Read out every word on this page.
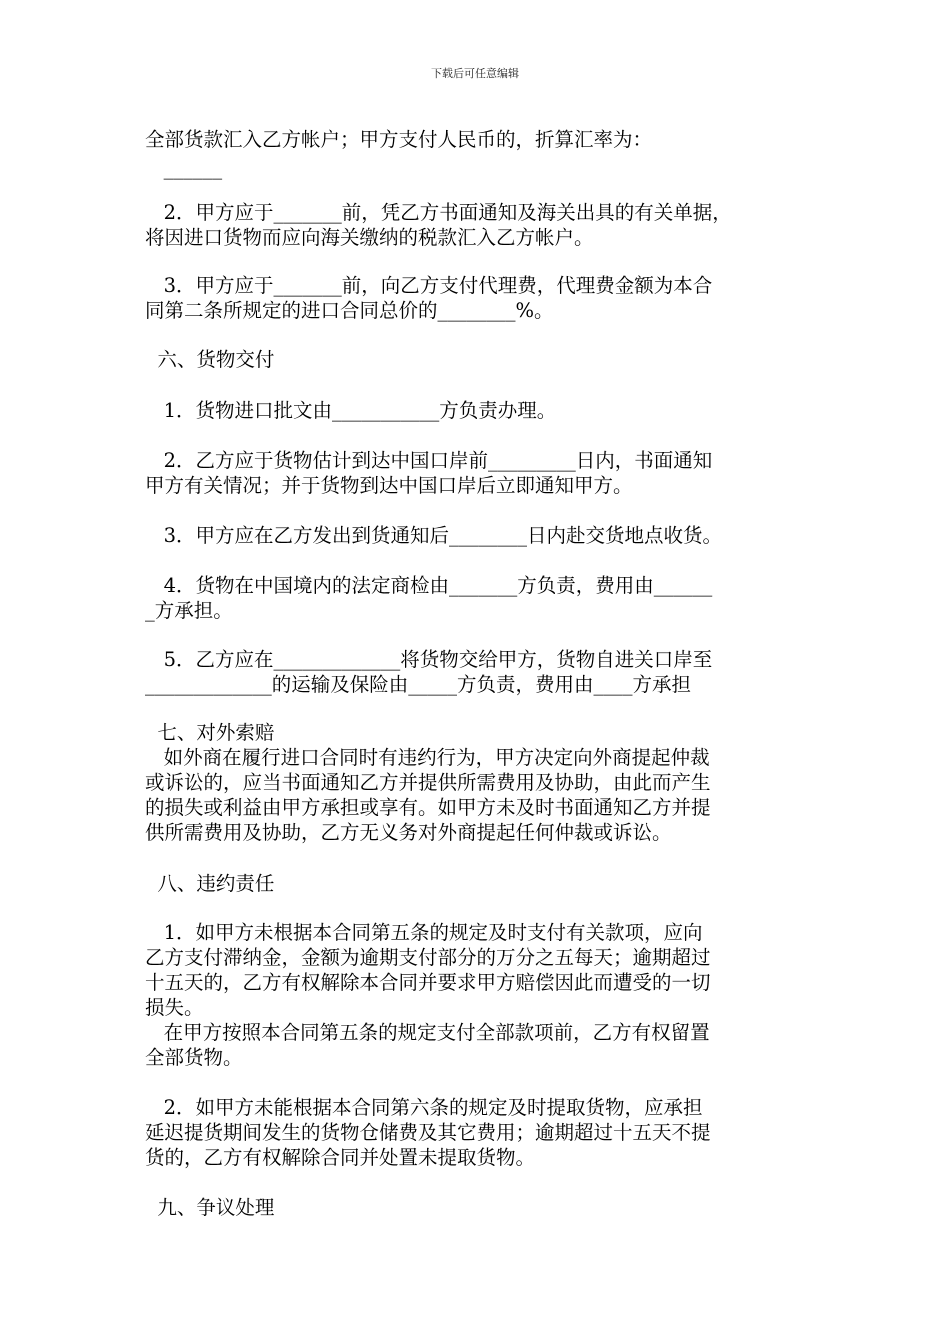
下载后可任意编辑
全部货款汇入乙方帐户；甲方支付人民币的，折算汇率为：
______
2．甲方应于_______前，凭乙方书面通知及海关出具的有关单据，
将因进口货物而应向海关缴纳的税款汇入乙方帐户。
3．甲方应于_______前，向乙方支付代理费，代理费金额为本合
同第二条所规定的进口合同总价的________%。
六、货物交付
1．货物进口批文由___________方负责办理。
2．乙方应于货物估计到达中国口岸前_________日内，书面通知
甲方有关情况；并于货物到达中国口岸后立即通知甲方。
3．甲方应在乙方发出到货通知后________日内赴交货地点收货。
4．货物在中国境内的法定商检由_______方负责，费用由______
_方承担。
5．乙方应在_____________将货物交给甲方，货物自进关口岸至
_____________的运输及保险由_____方负责，费用由____方承担
七、对外索赔
如外商在履行进口合同时有违约行为，甲方决定向外商提起仲裁
或诉讼的，应当书面通知乙方并提供所需费用及协助，由此而产生
的损失或利益由甲方承担或享有。如甲方未及时书面通知乙方并提
供所需费用及协助，乙方无义务对外商提起任何仲裁或诉讼。
八、违约责任
1．如甲方未根据本合同第五条的规定及时支付有关款项，应向
乙方支付滞纳金，金额为逾期支付部分的万分之五每天；逾期超过
十五天的，乙方有权解除本合同并要求甲方赔偿因此而遭受的一切
损失。
在甲方按照本合同第五条的规定支付全部款项前，乙方有权留置
全部货物。
2．如甲方未能根据本合同第六条的规定及时提取货物，应承担
延迟提货期间发生的货物仓储费及其它费用；逾期超过十五天不提
货的，乙方有权解除合同并处置未提取货物。
九、争议处理
